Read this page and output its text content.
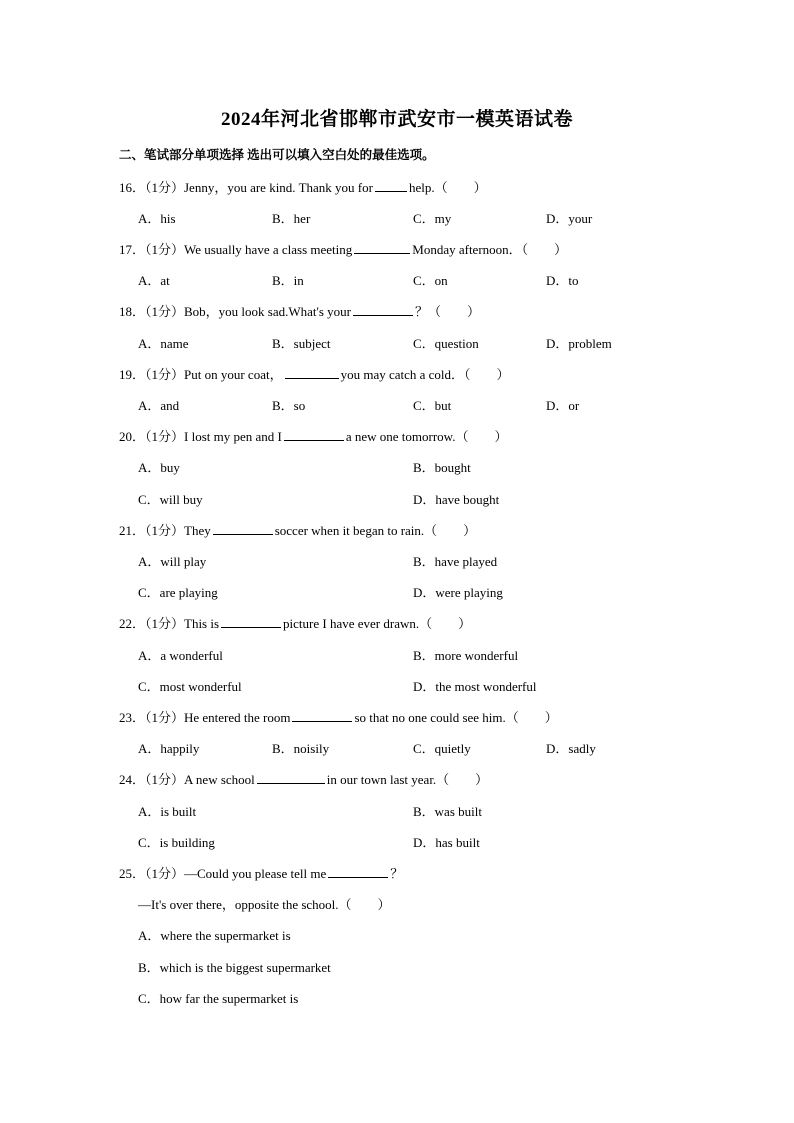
2024年河北省邯郸市武安市一模英语试卷
二、笔试部分单项选择 选出可以填入空白处的最佳选项。
16．（1分）Jenny，you are kind. Thank you for	help.（　　）
A．his	B．her	C．my	D．your
17．（1分）We usually have a class meeting	Monday afternoon．（　　）
A．at	B．in	C．on	D．to
18．（1分）Bob，you look sad.What's your	？（　　）
A．name	B．subject	C．question	D．problem
19．（1分）Put on your coat，	you may catch a cold．（　　）
A．and	B．so	C．but	D．or
20．（1分）I lost my pen and I	a new one tomorrow.（　　）
A．buy	B．bought
C．will buy	D．have bought
21．（1分）They	soccer when it began to rain.（　　）
A．will play	B．have played
C．are playing	D．were playing
22．（1分）This is	picture I have ever drawn.（　　）
A．a wonderful	B．more wonderful
C．most wonderful	D．the most wonderful
23．（1分）He entered the room	so that no one could see him.（　　）
A．happily	B．noisily	C．quietly	D．sadly
24．（1分）A new school	in our town last year.（　　）
A．is built	B．was built
C．is building	D．has built
25．（1分）—Could you please tell me	？
—It's over there，opposite the school.（　　）
A．where the supermarket is
B．which is the biggest supermarket
C．how far the supermarket is
